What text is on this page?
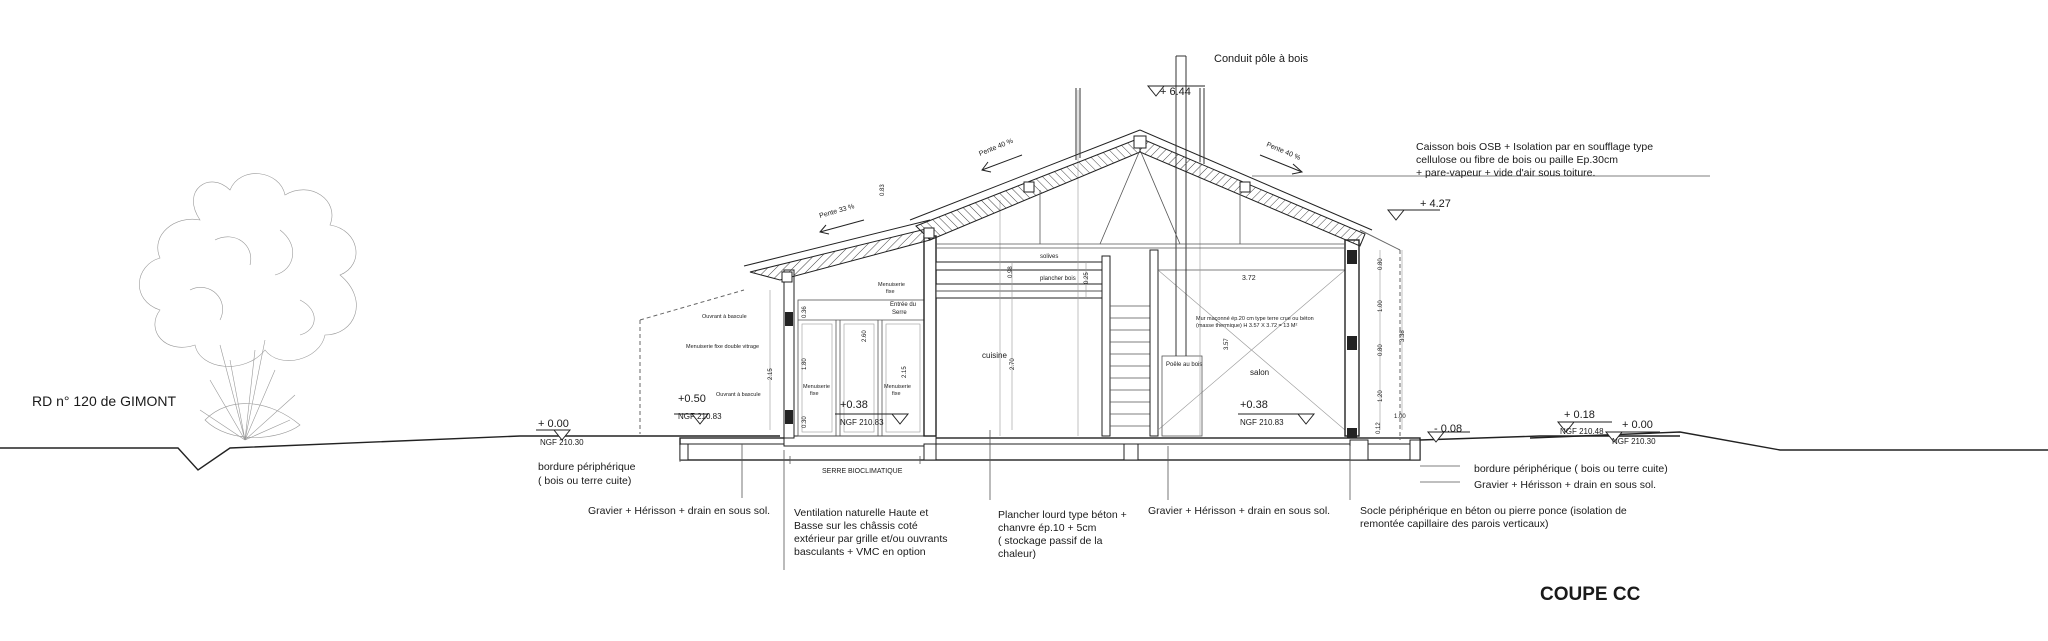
Conduit pôle à bois
+ 6.44
+ 4.27
Pente 40 %	Pente 40 %
Pente 33 %
Caisson bois OSB + Isolation par en soufflage type
cellulose ou fibre de bois ou paille Ep.30cm
+ pare-vapeur + vide d'air sous toiture.
RD n° 120 de GIMONT
+ 0.00
NGF 210.30
+0.50
NGF 210.83
+0.38
NGF 210.83
+0.38
NGF 210.83
- 0.08
+ 0.18
NGF 210.48
+ 0.00
NGF 210.30
SERRE BIOCLIMATIQUE
Entrée du
Serre
cuisine
salon
Poêle au bois
solives
plancher bois
Mur maçonné ép.20 cm type terre crue ou béton
(masse thermique) H 3.57 X 3.72 = 13 M²
Ouvrant à bascule
Menuiserie fixe double vitrage
Ouvrant à bascule
Menuiserie
fixe
Menuiserie
fixe
Menuiserie
fixe
0.36
1.80
2.15
0.30
2.60
2.15
0.98
2.70
0.25	3.72
3.57
0.80
1.00
0.80
1.20
3.38
1.00
0.12
0.83
bordure périphérique
( bois ou terre cuite)
Gravier + Hérisson + drain en sous sol. Ventilation naturelle Haute et
Basse sur les châssis coté
extérieur par grille et/ou ouvrants
basculants + VMC en option
Plancher lourd type béton +
chanvre ép.10 + 5cm
( stockage passif de la
chaleur)
Gravier + Hérisson + drain en sous sol.	Socle périphérique en béton ou pierre ponce (isolation de
remontée capillaire des parois verticaux)
bordure périphérique ( bois ou terre cuite)
Gravier + Hérisson + drain en sous sol.
COUPE CC
